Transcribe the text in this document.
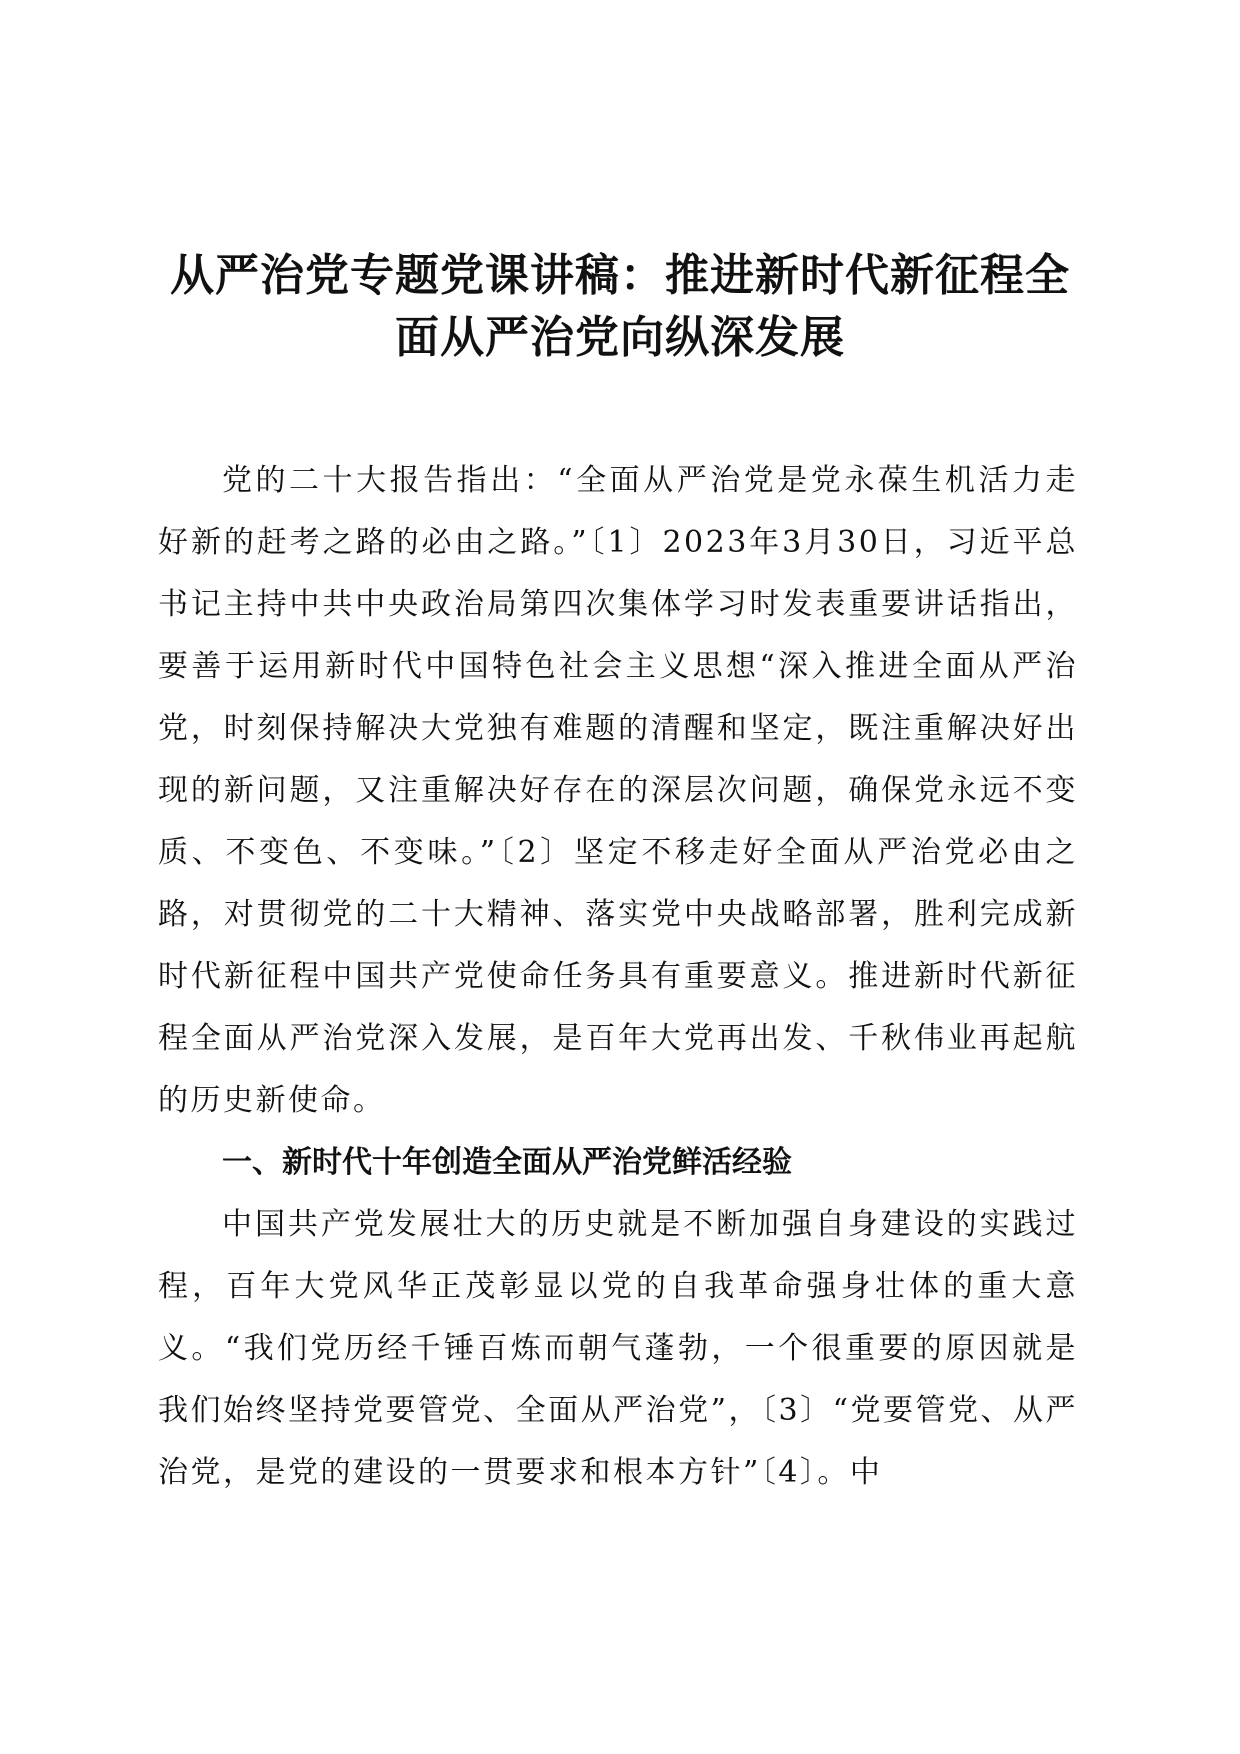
从严治党专题党课讲稿：推进新时代新征程全
面从严治党向纵深发展

党的二十大报告指出：“全面从严治党是党永葆生机活力走好新的赶考之路的必由之路。”〔1〕2023年3月30日，习近平总书记主持中共中央政治局第四次集体学习时发表重要讲话指出，要善于运用新时代中国特色社会主义思想“深入推进全面从严治党，时刻保持解决大党独有难题的清醒和坚定，既注重解决好出现的新问题，又注重解决好存在的深层次问题，确保党永远不变质、不变色、不变味。”〔2〕坚定不移走好全面从严治党必由之路，对贯彻党的二十大精神、落实党中央战略部署，胜利完成新时代新征程中国共产党使命任务具有重要意义。推进新时代新征程全面从严治党深入发展，是百年大党再出发、千秋伟业再起航的历史新使命。

一、新时代十年创造全面从严治党鲜活经验

中国共产党发展壮大的历史就是不断加强自身建设的实践过程，百年大党风华正茂彰显以党的自我革命强身壮体的重大意义。“我们党历经千锤百炼而朝气蓬勃，一个很重要的原因就是我们始终坚持党要管党、全面从严治党”，〔3〕“党要管党、从严治党，是党的建设的一贯要求和根本方针”〔4〕。中
